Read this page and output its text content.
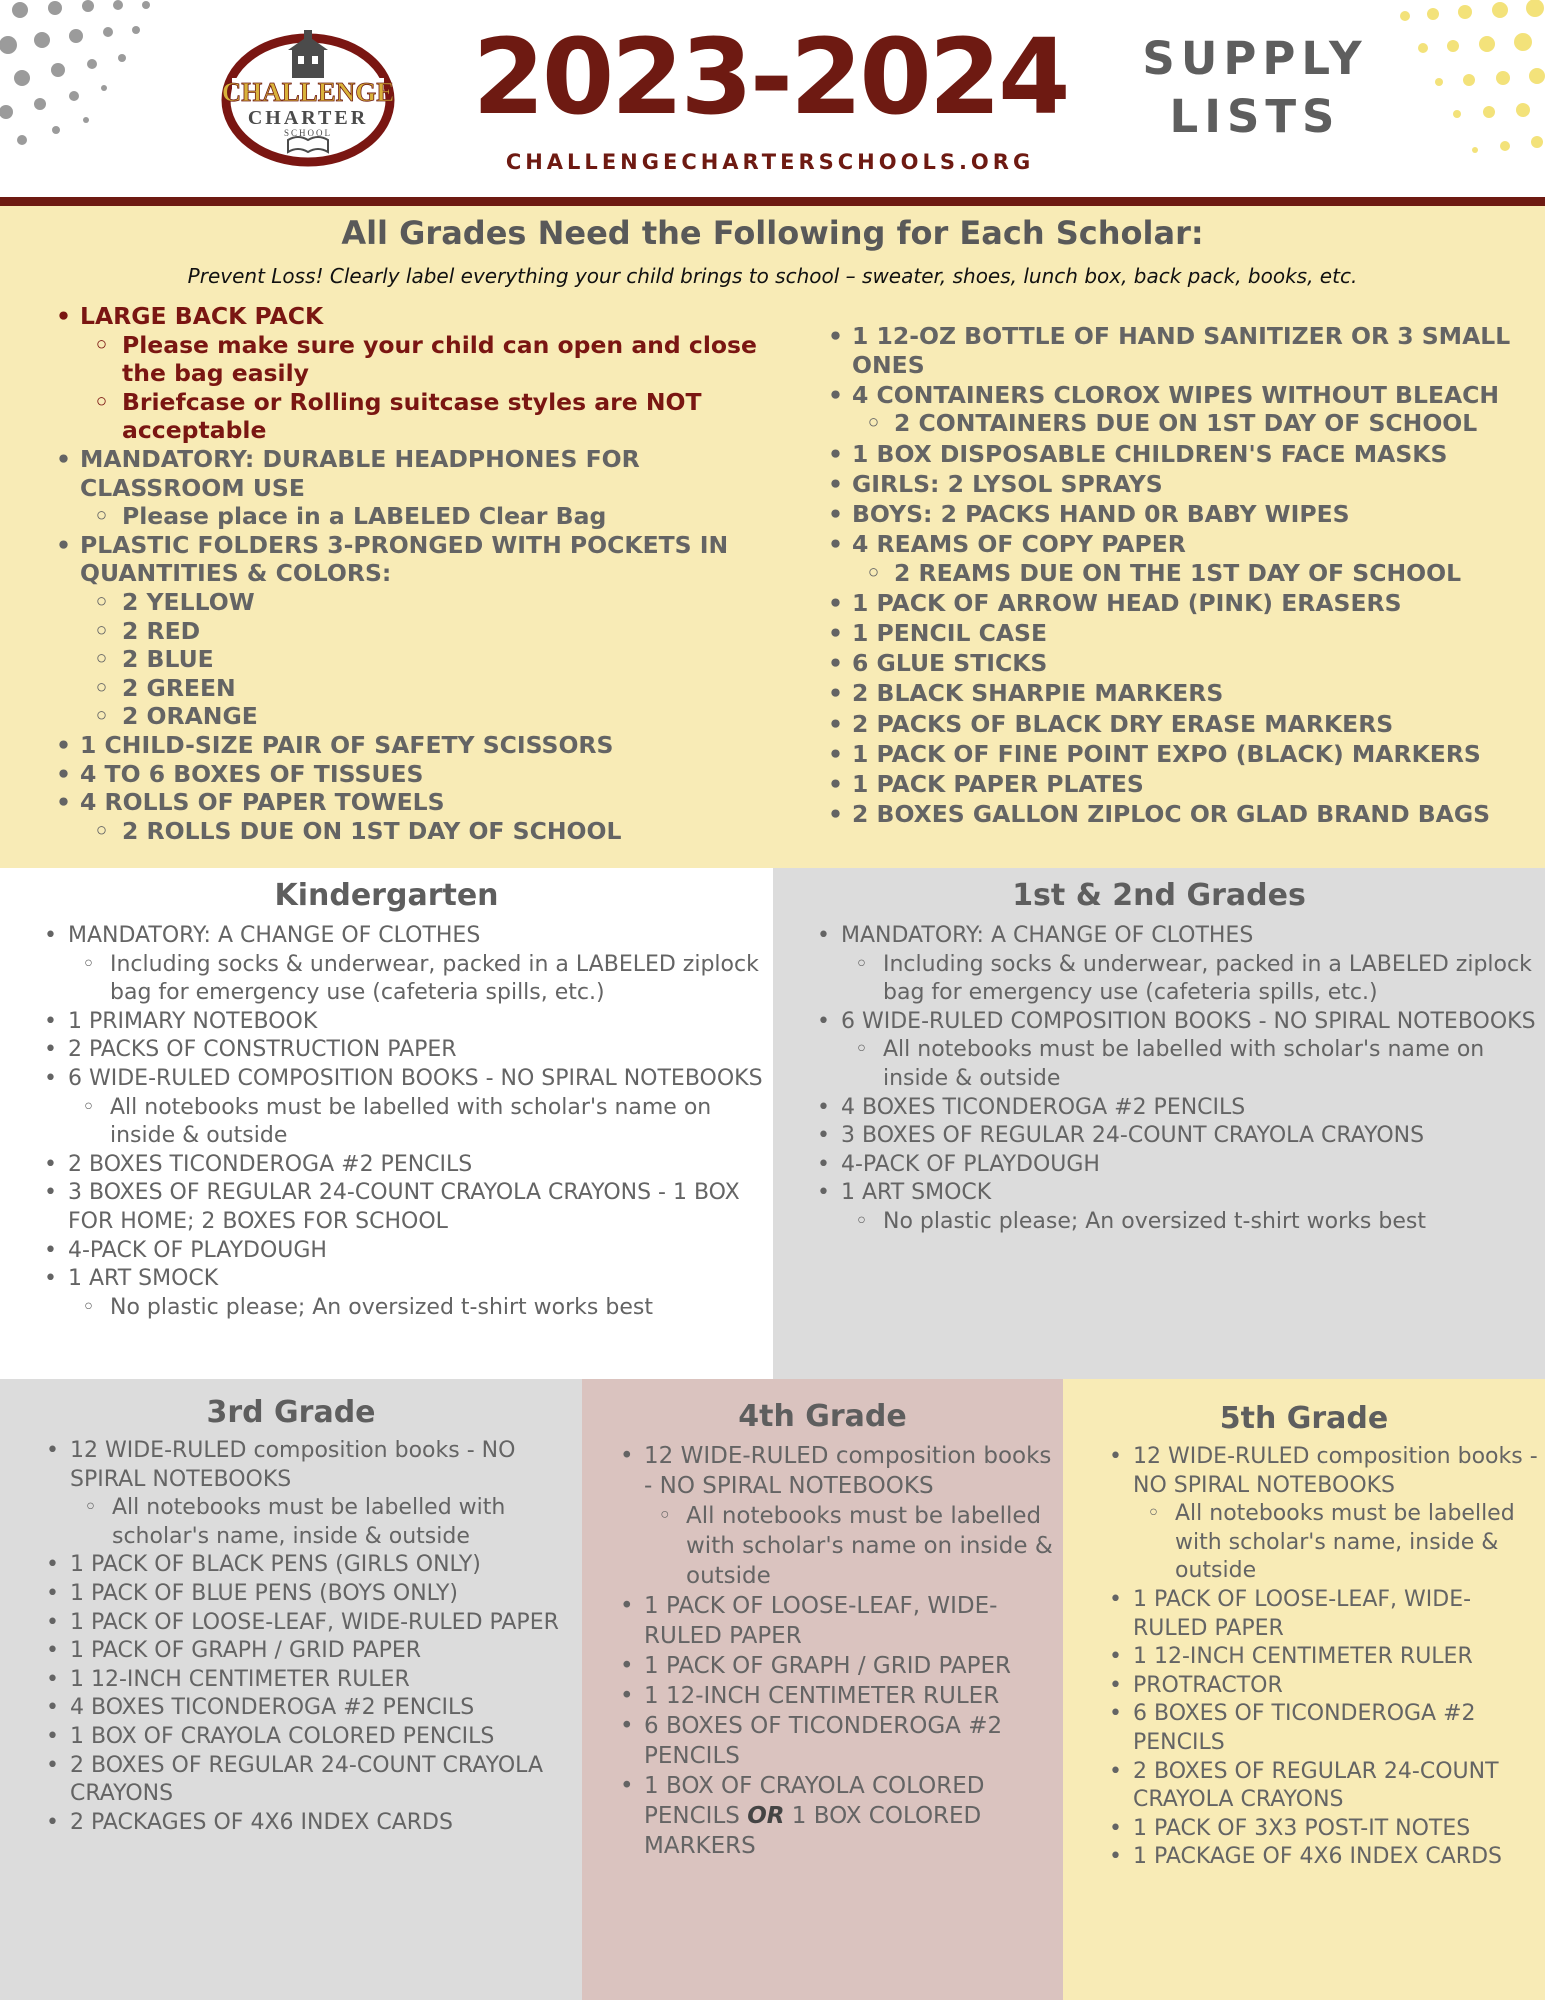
CHALLENGE
CHARTER
SCHOOL	2023-2024
CHALLENGECHARTERSCHOOLS.ORG
SUPPLY
LISTS
All Grades Need the Following for Each Scholar:
Prevent Loss! Clearly label everything your child brings to school – sweater, shoes, lunch box, back pack, books, etc.
• LARGE BACK PACK
◦ Please make sure your child can open and close the bag easily
◦ Briefcase or Rolling suitcase styles are NOT acceptable
• MANDATORY: DURABLE HEADPHONES FOR CLASSROOM USE
◦ Please place in a LABELED Clear Bag
• PLASTIC FOLDERS 3-PRONGED WITH POCKETS IN QUANTITIES & COLORS:
◦ 2 YELLOW
◦ 2 RED
◦ 2 BLUE
◦ 2 GREEN
◦ 2 ORANGE
• 1 CHILD-SIZE PAIR OF SAFETY SCISSORS
• 4 TO 6 BOXES OF TISSUES
• 4 ROLLS OF PAPER TOWELS
◦ 2 ROLLS DUE ON 1ST DAY OF SCHOOL
• 1 12-OZ BOTTLE OF HAND SANITIZER OR 3 SMALL ONES
• 4 CONTAINERS CLOROX WIPES WITHOUT BLEACH
◦ 2 CONTAINERS DUE ON 1ST DAY OF SCHOOL
• 1 BOX DISPOSABLE CHILDREN'S FACE MASKS
• GIRLS: 2 LYSOL SPRAYS
• BOYS: 2 PACKS HAND 0R BABY WIPES
• 4 REAMS OF COPY PAPER
◦ 2 REAMS DUE ON THE 1ST DAY OF SCHOOL
• 1 PACK OF ARROW HEAD (PINK) ERASERS
• 1 PENCIL CASE
• 6 GLUE STICKS
• 2 BLACK SHARPIE MARKERS
• 2 PACKS OF BLACK DRY ERASE MARKERS
• 1 PACK OF FINE POINT EXPO (BLACK) MARKERS
• 1 PACK PAPER PLATES
• 2 BOXES GALLON ZIPLOC OR GLAD BRAND BAGS
Kindergarten
• MANDATORY: A CHANGE OF CLOTHES
◦ Including socks & underwear, packed in a LABELED ziplock bag for emergency use (cafeteria spills, etc.)
• 1 PRIMARY NOTEBOOK
• 2 PACKS OF CONSTRUCTION PAPER
• 6 WIDE-RULED COMPOSITION BOOKS - NO SPIRAL NOTEBOOKS
◦ All notebooks must be labelled with scholar's name on inside & outside
• 2 BOXES TICONDEROGA #2 PENCILS
• 3 BOXES OF REGULAR 24-COUNT CRAYOLA CRAYONS - 1 BOX FOR HOME; 2 BOXES FOR SCHOOL
• 4-PACK OF PLAYDOUGH
• 1 ART SMOCK
◦ No plastic please; An oversized t-shirt works best
1st & 2nd Grades
• MANDATORY: A CHANGE OF CLOTHES
◦ Including socks & underwear, packed in a LABELED ziplock bag for emergency use (cafeteria spills, etc.)
• 6 WIDE-RULED COMPOSITION BOOKS - NO SPIRAL NOTEBOOKS
◦ All notebooks must be labelled with scholar's name on inside & outside
• 4 BOXES TICONDEROGA #2 PENCILS
• 3 BOXES OF REGULAR 24-COUNT CRAYOLA CRAYONS
• 4-PACK OF PLAYDOUGH
• 1 ART SMOCK
◦ No plastic please; An oversized t-shirt works best
3rd Grade
• 12 WIDE-RULED composition books - NO SPIRAL NOTEBOOKS
◦ All notebooks must be labelled with scholar's name, inside & outside
• 1 PACK OF BLACK PENS (GIRLS ONLY)
• 1 PACK OF BLUE PENS (BOYS ONLY)
• 1 PACK OF LOOSE-LEAF, WIDE-RULED PAPER
• 1 PACK OF GRAPH / GRID PAPER
• 1 12-INCH CENTIMETER RULER
• 4 BOXES TICONDEROGA #2 PENCILS
• 1 BOX OF CRAYOLA COLORED PENCILS
• 2 BOXES OF REGULAR 24-COUNT CRAYOLA CRAYONS
• 2 PACKAGES OF 4X6 INDEX CARDS
4th Grade
• 12 WIDE-RULED composition books - NO SPIRAL NOTEBOOKS
◦ All notebooks must be labelled with scholar's name on inside & outside
• 1 PACK OF LOOSE-LEAF, WIDE-RULED PAPER
• 1 PACK OF GRAPH / GRID PAPER
• 1 12-INCH CENTIMETER RULER
• 6 BOXES OF TICONDEROGA #2 PENCILS
• 1 BOX OF CRAYOLA COLORED PENCILS OR 1 BOX COLORED MARKERS
5th Grade
• 12 WIDE-RULED composition books - NO SPIRAL NOTEBOOKS
◦ All notebooks must be labelled with scholar's name, inside & outside
• 1 PACK OF LOOSE-LEAF, WIDE-RULED PAPER
• 1 12-INCH CENTIMETER RULER
• PROTRACTOR
• 6 BOXES OF TICONDEROGA #2 PENCILS
• 2 BOXES OF REGULAR 24-COUNT CRAYOLA CRAYONS
• 1 PACK OF 3X3 POST-IT NOTES
• 1 PACKAGE OF 4X6 INDEX CARDS
